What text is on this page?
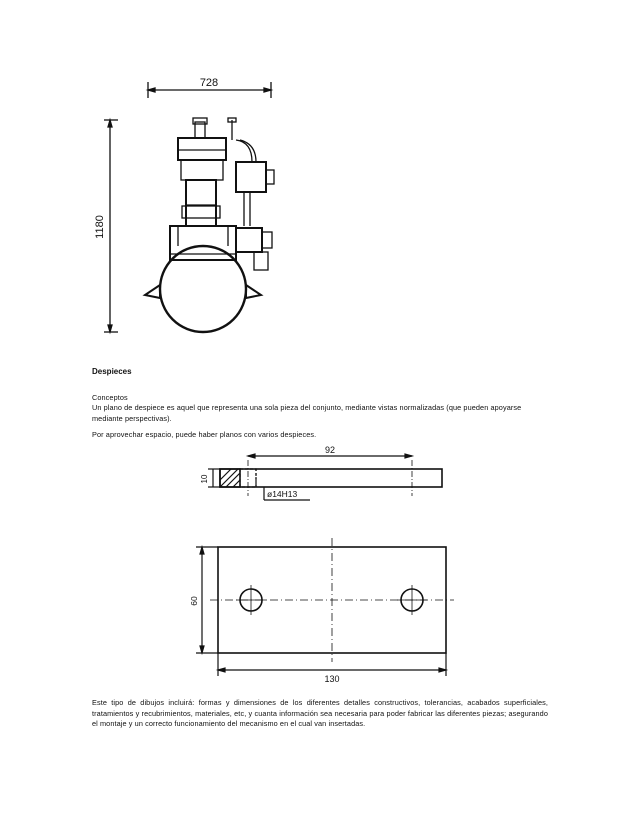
728
1180
Despieces
Conceptos
Un plano de despiece es aquel que representa una sola pieza del conjunto, mediante vistas normalizadas (que pueden apoyarse mediante perspectivas).
Por aprovechar espacio, puede haber planos con varios despieces.
92
10
ø14H13
60
130
Este tipo de dibujos incluirá: formas y dimensiones de los diferentes detalles constructivos, tolerancias, acabados superficiales, tratamientos y recubrimientos, materiales, etc, y cuanta información sea necesaria para poder fabricar las diferentes piezas; asegurando el montaje y un correcto funcionamiento del mecanismo en el cual van insertadas.
